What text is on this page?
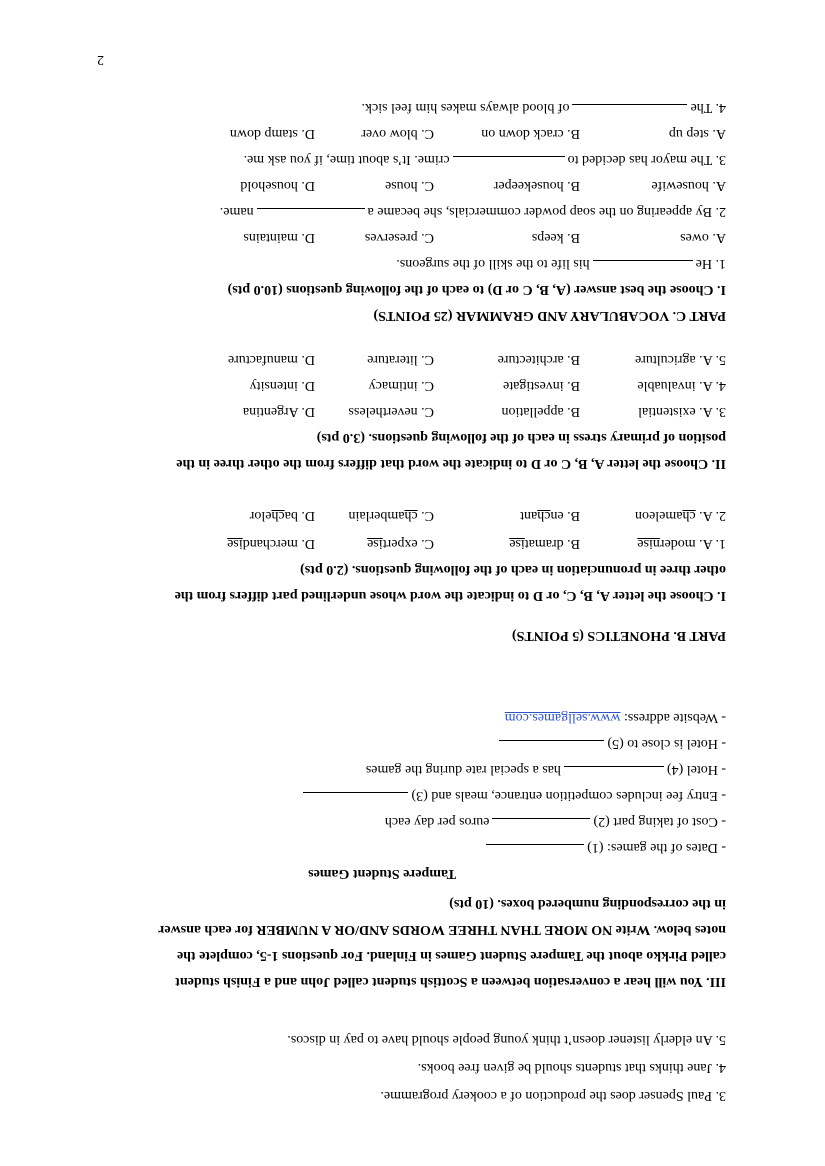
3. Paul Spenser does the production of a cookery programme.
4. Jane thinks that students should be given free books.
5. An elderly listener doesn’t think young people should have to pay in discos.
III. You will hear a conversation between a Scottish student called John and a Finish student
called Pirkko about the Tampere Student Games in Finland. For questions 1-5, complete the
notes below. Write NO MORE THAN THREE WORDS AND/OR A NUMBER for each answer
in the corresponding numbered boxes. (10 pts)
Tampere Student Games
- Dates of the games: (1)
- Cost of taking part (2)euros per day each
- Entry fee includes competition entrance, meals and (3)
- Hotel (4)has a special rate during the games
- Hotel is close to (5)
- Website address: www.sellgames.com
PART B. PHONETICS (5 POINTS)
I. Choose the letter A, B, C, or D to indicate the word whose underlined part differs from the
other three in pronunciation in each of the following questions. (2.0 pts)
1. A. modernise
B. dramatise
C. expertise
D. merchandise
2. A. chameleon
B. enchant
C. chamberlain
D. bachelor
II. Choose the letter A, B, C or D to indicate the word that differs from the other three in the
position of primary stress in each of the following questions. (3.0 pts)
3. A. existential
B. appellation
C. nevertheless
D. Argentina
4. A. invaluable
B. investigate
C. intimacy
D. intensity
5. A. agriculture
B. architecture
C. literature
D. manufacture
PART C. VOCABULARY AND GRAMMAR (25 POINTS)
I. Choose the best answer (A, B, C or D) to each of the following questions (10.0 pts)
1. Hehis life to the skill of the surgeons.
A. owes
B. keeps
C. preserves
D. maintains
2. By appearing on the soap powder commercials, she became aname.
A. housewife
B. housekeeper
C. house
D. household
3. The mayor has decided tocrime. It’s about time, if you ask me.
A. step up
B. crack down on
C. blow over
D. stamp down
4. Theof blood always makes him feel sick.
2
